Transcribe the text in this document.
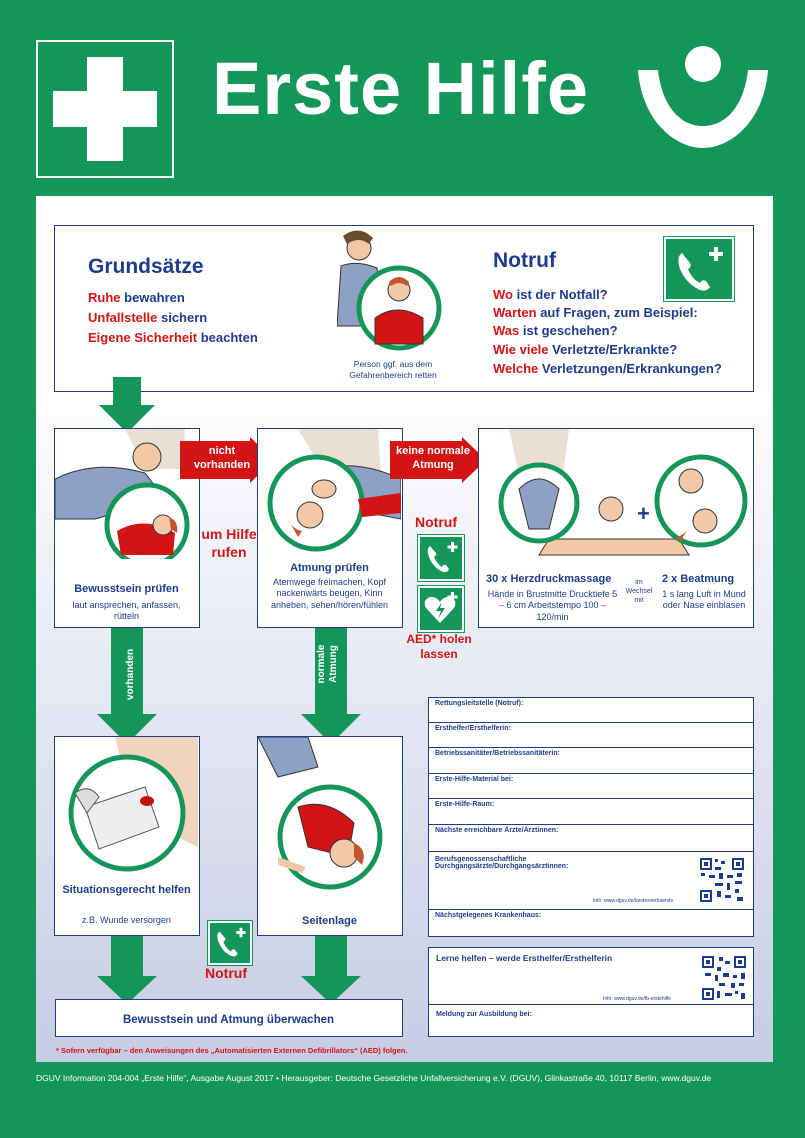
Erste Hilfe
Grundsätze
Ruhe bewahren
Unfallstelle sichern
Eigene Sicherheit beachten
Person ggf. aus dem Gefahrenbereich retten
Notruf
Wo ist der Notfall?
Warten auf Fragen, zum Beispiel:
Was ist geschehen?
Wie viele Verletzte/Erkrankte?
Welche Verletzungen/Erkrankungen?
Bewusstsein prüfen
laut ansprechen, anfassen, rütteln
nicht vorhanden
um Hilfe rufen
Atmung prüfen
Atemwege freimachen, Kopf nackenwärts beugen, Kinn anheben, sehen/hören/fühlen
keine normale Atmung
Notruf
AED* holen lassen
+
30 x Herzdruckmassage
Hände in Brustmitte Drucktiefe 5 – 6 cm Arbeitstempo 100 – 120/min
im Wechsel mit
2 x Beatmung
1 s lang Luft in Mund oder Nase einblasen
vorhanden	normale Atmung
Situationsgerecht helfen
z.B. Wunde versorgen	Seitenlage
Notruf
Bewusstsein und Atmung überwachen
* Sofern verfügbar – den Anweisungen des „Automatisierten Externen Defibrillators“ (AED) folgen.
Rettungsleitstelle (Notruf):
Ersthelfer/Ersthelferin:
Betriebssanitäter/Betriebssanitäterin:
Erste-Hilfe-Material bei:
Erste-Hilfe-Raum:
Nächste erreichbare Ärzte/Ärztinnen:
Berufsgenossenschaftliche Durchgangsärzte/Durchgangsärztinnen:
Info: www.dguv.de/landesverbaende
Nächstgelegenes Krankenhaus:
Lerne helfen – werde Ersthelfer/Ersthelferin
Info: www.dguv.de/fb-erstehilfe
Meldung zur Ausbildung bei:
DGUV Information 204-004 „Erste Hilfe“, Ausgabe August 2017 • Herausgeber: Deutsche Gesetzliche Unfallversicherung e.V. (DGUV), Glinkastraße 40, 10117 Berlin, www.dguv.de
